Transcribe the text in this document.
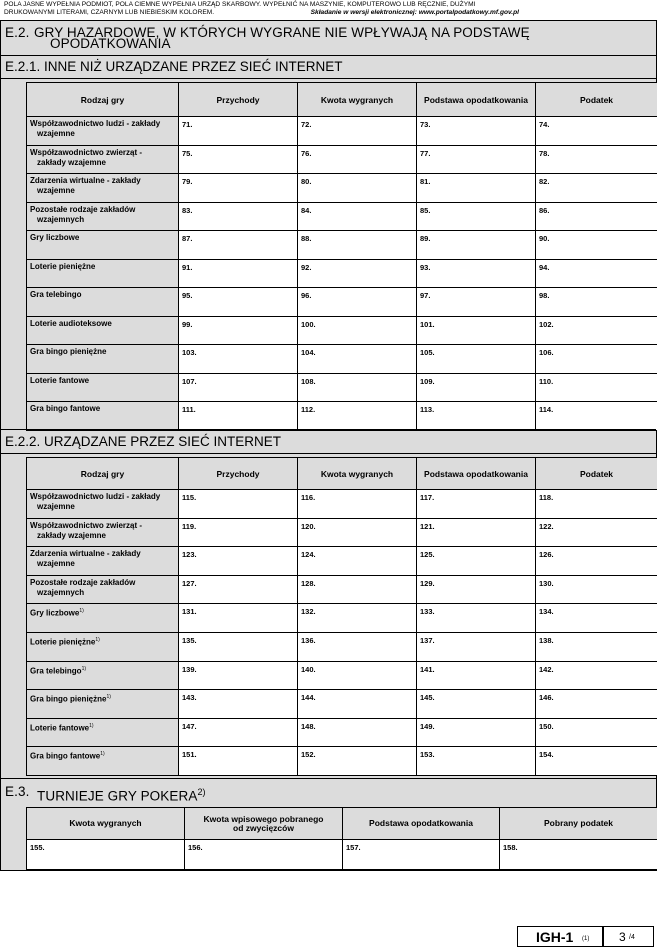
POLA JASNE WYPEŁNIA PODMIOT, POLA CIEMNE WYPEŁNIA URZĄD SKARBOWY. WYPEŁNIĆ NA MASZYNIE, KOMPUTEROWO LUB RĘCZNIE, DUŻYMI
DRUKOWANYMI LITERAMI, CZARNYM LUB NIEBIESKIM KOLOREM.	Składanie w wersji elektronicznej: www.portalpodatkowy.mf.gov.pl
E.2. GRY HAZARDOWE, W KTÓRYCH WYGRANE NIE WPŁYWAJĄ NA PODSTAWĘ
OPODATKOWANIA
E.2.1. INNE NIŻ URZĄDZANE PRZEZ SIEĆ INTERNET
Rodzaj gry	Przychody	Kwota wygranych	Podstawa opodatkowania	Podatek
Współzawodnictwo ludzi - zakłady
wzajemne	71.	72.	73.	74.
Współzawodnictwo zwierząt -
zakłady wzajemne	75.	76.	77.	78.
Zdarzenia wirtualne - zakłady
wzajemne	79.	80.	81.	82.
Pozostałe rodzaje zakładów
wzajemnych	83.	84.	85.	86.
Gry liczbowe	87.	88.	89.	90.
Loterie pieniężne	91.	92.	93.	94.
Gra telebingo	95.	96.	97.	98.
Loterie audioteksowe	99.	100.	101.	102.
Gra bingo pieniężne	103.	104.	105.	106.
Loterie fantowe	107.	108.	109.	110.
Gra bingo fantowe	111.	112.	113.	114.
E.2.2. URZĄDZANE PRZEZ SIEĆ INTERNET
Rodzaj gry	Przychody	Kwota wygranych	Podstawa opodatkowania	Podatek
Współzawodnictwo ludzi - zakłady
wzajemne	115.	116.	117.	118.
Współzawodnictwo zwierząt -
zakłady wzajemne	119.	120.	121.	122.
Zdarzenia wirtualne - zakłady
wzajemne	123.	124.	125.	126.
Pozostałe rodzaje zakładów
wzajemnych	127.	128.	129.	130.
Gry liczbowe$^{1)}$	131.	132.	133.	134.
Loterie pieniężne$^{1)}$	135.	136.	137.	138.
Gra telebingo$^{1)}$	139.	140.	141.	142.
Gra bingo pieniężne$^{1)}$	143.	144.	145.	146.
Loterie fantowe$^{1)}$	147.	148.	149.	150.
Gra bingo fantowe$^{1)}$	151.	152.	153.	154.
E.3. TURNIEJE GRY POKERA$^{2)}$
Kwota wygranych	Kwota wpisowego pobranego
od zwycięzców	Podstawa opodatkowania	Pobrany podatek
155.	156.	157.	158.
IGH-1 (1) 3 /4
